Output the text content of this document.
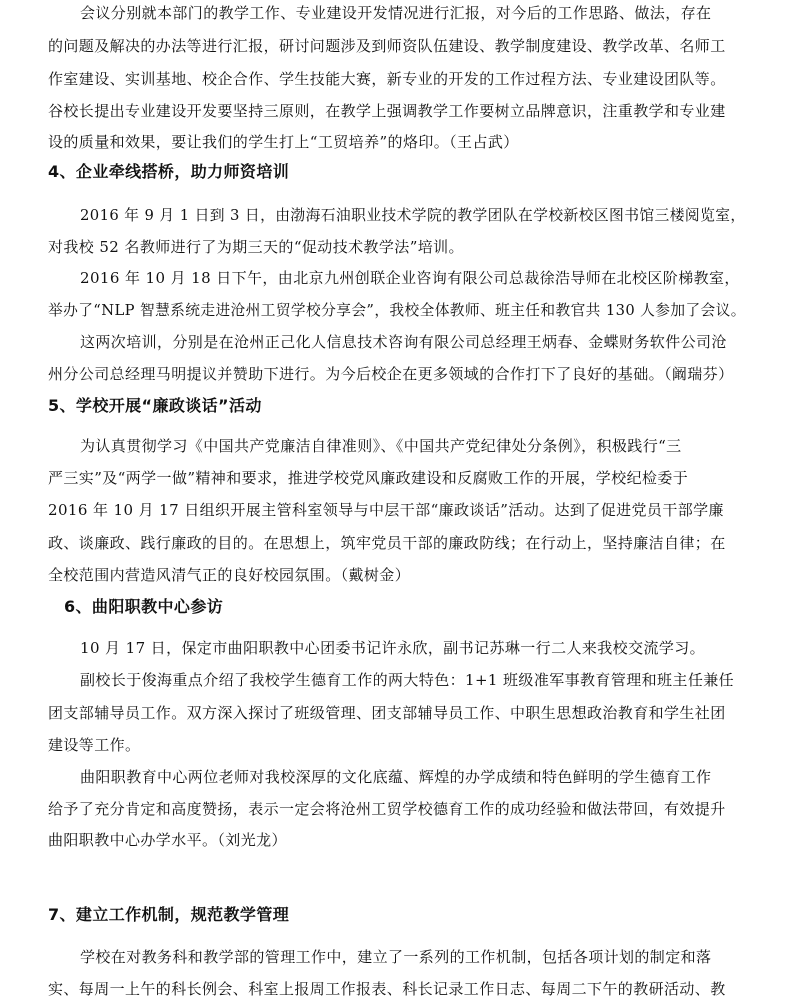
会议分别就本部门的教学工作、专业建设开发情况进行汇报，对今后的工作思路、做法，存在
的问题及解决的办法等进行汇报，研讨问题涉及到师资队伍建设、教学制度建设、教学改革、名师工
作室建设、实训基地、校企合作、学生技能大赛，新专业的开发的工作过程方法、专业建设团队等。
谷校长提出专业建设开发要坚持三原则，在教学上强调教学工作要树立品牌意识，注重教学和专业建
设的质量和效果，要让我们的学生打上“工贸培养”的烙印。（王占武）
4、企业牵线搭桥，助力师资培训
2016 年 9 月 1 日到 3 日，由渤海石油职业技术学院的教学团队在学校新校区图书馆三楼阅览室，
对我校 52 名教师进行了为期三天的“促动技术教学法”培训。
2016 年 10 月 18 日下午，由北京九州创联企业咨询有限公司总裁徐浩导师在北校区阶梯教室，
举办了“NLP 智慧系统走进沧州工贸学校分享会”，我校全体教师、班主任和教官共 130 人参加了会议。
这两次培训，分别是在沧州正己化人信息技术咨询有限公司总经理王炳春、金蝶财务软件公司沧
州分公司总经理马明提议并赞助下进行。为今后校企在更多领域的合作打下了良好的基础。（阚瑞芬）
5、学校开展“廉政谈话”活动
为认真贯彻学习《中国共产党廉洁自律准则》、《中国共产党纪律处分条例》，积极践行“三
严三实”及“两学一做”精神和要求，推进学校党风廉政建设和反腐败工作的开展，学校纪检委于
2016 年 10 月 17 日组织开展主管科室领导与中层干部“廉政谈话”活动。达到了促进党员干部学廉
政、谈廉政、践行廉政的目的。在思想上，筑牢党员干部的廉政防线；在行动上，坚持廉洁自律；在
全校范围内营造风清气正的良好校园氛围。（戴树金）
6、曲阳职教中心参访
10 月 17 日，保定市曲阳职教中心团委书记许永欣，副书记苏琳一行二人来我校交流学习。
副校长于俊海重点介绍了我校学生德育工作的两大特色：1+1 班级准军事教育管理和班主任兼任
团支部辅导员工作。双方深入探讨了班级管理、团支部辅导员工作、中职生思想政治教育和学生社团
建设等工作。
曲阳职教育中心两位老师对我校深厚的文化底蕴、辉煌的办学成绩和特色鲜明的学生德育工作
给予了充分肯定和高度赞扬，表示一定会将沧州工贸学校德育工作的成功经验和做法带回，有效提升
曲阳职教中心办学水平。（刘光龙）
7、建立工作机制，规范教学管理
学校在对教务科和教学部的管理工作中，建立了一系列的工作机制，包括各项计划的制定和落
实、每周一上午的科长例会、科室上报周工作报表、科长记录工作日志、每周二下午的教研活动、教
